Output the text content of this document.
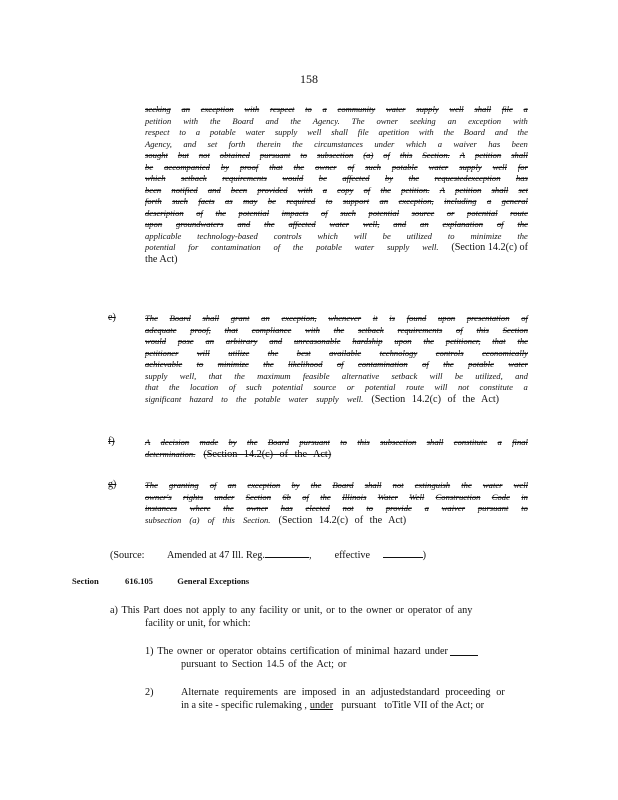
158
seeking an exception with respect to a community water supply well shall file a
petition with the Board and the Agency. The owner seeking an exception with
respect to a potable water supply well shall file apetition with the Board and the
Agency, and set forth therein the circumstances under which a waiver has been
sought but not obtained pursuant to subsection (a) of this Section. A petition shall
be accompanied by proof that the owner of such potable water supply well for
which setback requirements would be affected by the requestedexception has
been notified and been provided with a copy of the petition. A petition shall set
forth such facts as may be required to support an exception, including a general
description of the potential impacts of such potential source or potential route
upon groundwaters and the affected water well, and an explanation of the
applicable technology-based controls which will be utilized to minimize the
potential for contamination of the potable water supply well. (Section 14.2(c) of
the Act)
e)	The Board shall grant an exception, whenever it is found upon presentation of
adequate proof, that compliance with the setback requirements of this Section
would pose an arbitrary and unreasonable hardship upon the petitioner, that the
petitioner will utilize the best available technology controls economically
achievable to minimize the likelihood of contamination of the potable water
supply well, that the maximum feasible alternative setback will be utilized, and
that the location of such potential source or potential route will not constitute a
significant hazard to the potable water supply well. (Section 14.2(c) of the Act)
f)	A decision made by the Board pursuant to this subsection shall constitute a final
determination. (Section 14.2(c) of the Act)
g)	The granting of an exception by the Board shall not extinguish the water well
owner's rights under Section 6b of the Illinois Water Well Construction Code in
instances where the owner has elected not to provide a waiver pursuant to
subsection (a) of this Section. (Section 14.2(c) of the Act)
(Source: Amended at 47 Ill. Reg.	, effective	)
Section	616.105	General Exceptions
a) This Part does not apply to any facility or unit, or to the owner or operator of any
facility or unit, for which:
1) The owner or operator obtains certification of minimal hazard under
pursuant to Section 14.5 of the Act; or
2)	Alternate requirements are imposed in an adjustedstandard proceeding or
in a site - specific rulemaking , under pursuant toTitle VII of the Act; or
